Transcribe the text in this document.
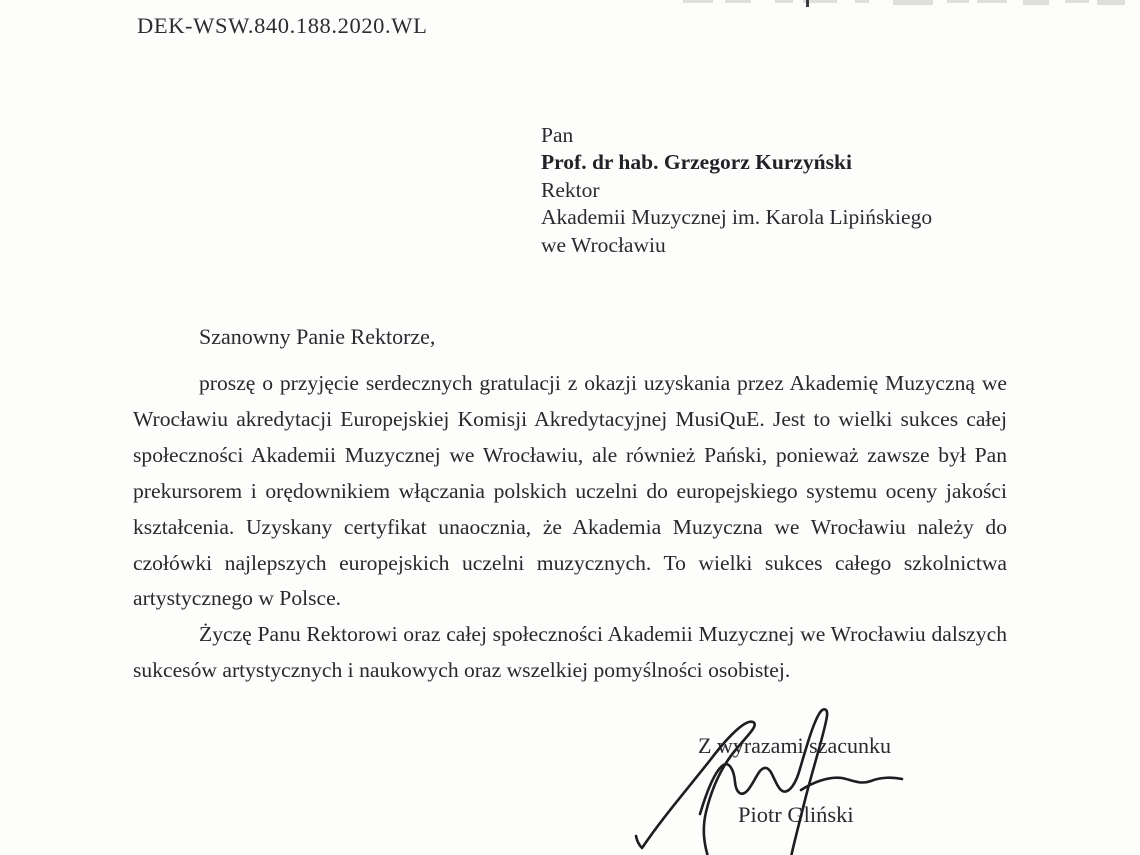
DEK-WSW.840.188.2020.WL
Pan
Prof. dr hab. Grzegorz Kurzyński
Rektor
Akademii Muzycznej im. Karola Lipińskiego
we Wrocławiu
Szanowny Panie Rektorze,

proszę o przyjęcie serdecznych gratulacji z okazji uzyskania przez Akademię Muzyczną we Wrocławiu akredytacji Europejskiej Komisji Akredytacyjnej MusiQuE. Jest to wielki sukces całej społeczności Akademii Muzycznej we Wrocławiu, ale również Pański, ponieważ zawsze był Pan prekursorem i orędownikiem włączania polskich uczelni do europejskiego systemu oceny jakości kształcenia. Uzyskany certyfikat unaocznia, że Akademia Muzyczna we Wrocławiu należy do czołówki najlepszych europejskich uczelni muzycznych. To wielki sukces całego szkolnictwa artystycznego w Polsce.

Życzę Panu Rektorowi oraz całej społeczności Akademii Muzycznej we Wrocławiu dalszych sukcesów artystycznych i naukowych oraz wszelkiej pomyślności osobistej.

Z wyrazami szacunku
Piotr Gliński
